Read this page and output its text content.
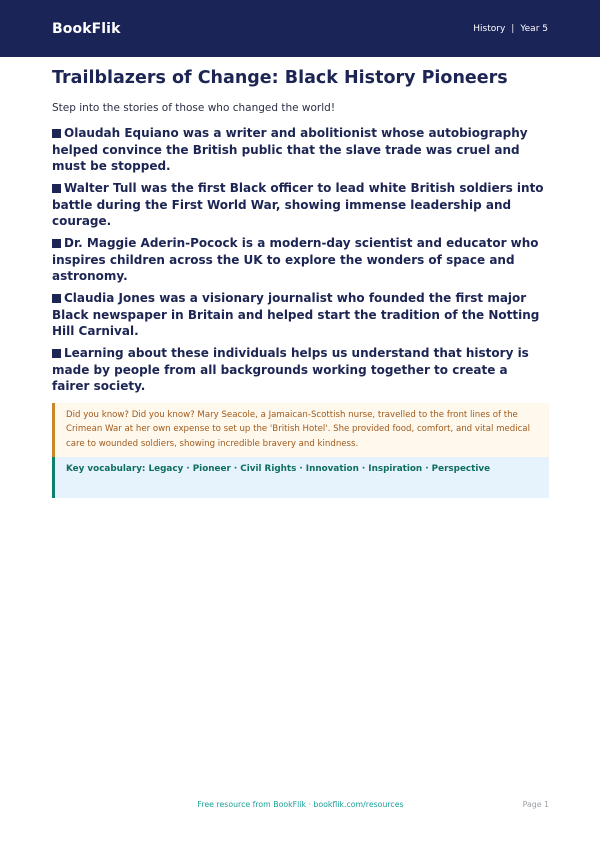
BookFlik	History | Year 5
Trailblazers of Change: Black History Pioneers

Step into the stories of those who changed the world!

Olaudah Equiano was a writer and abolitionist whose autobiography helped convince the British public that the slave trade was cruel and must be stopped.
Walter Tull was the first Black officer to lead white British soldiers into battle during the First World War, showing immense leadership and courage.
Dr. Maggie Aderin-Pocock is a modern-day scientist and educator who inspires children across the UK to explore the wonders of space and astronomy.
Claudia Jones was a visionary journalist who founded the first major Black newspaper in Britain and helped start the tradition of the Notting Hill Carnival.
Learning about these individuals helps us understand that history is made by people from all backgrounds working together to create a fairer society.
Did you know? Did you know? Mary Seacole, a Jamaican-Scottish nurse, travelled to the front lines of the Crimean War at her own expense to set up the 'British Hotel'. She provided food, comfort, and vital medical care to wounded soldiers, showing incredible bravery and kindness.
Key vocabulary: Legacy · Pioneer · Civil Rights · Innovation · Inspiration · Perspective
Free resource from BookFlik · bookflik.com/resources	Page 1
